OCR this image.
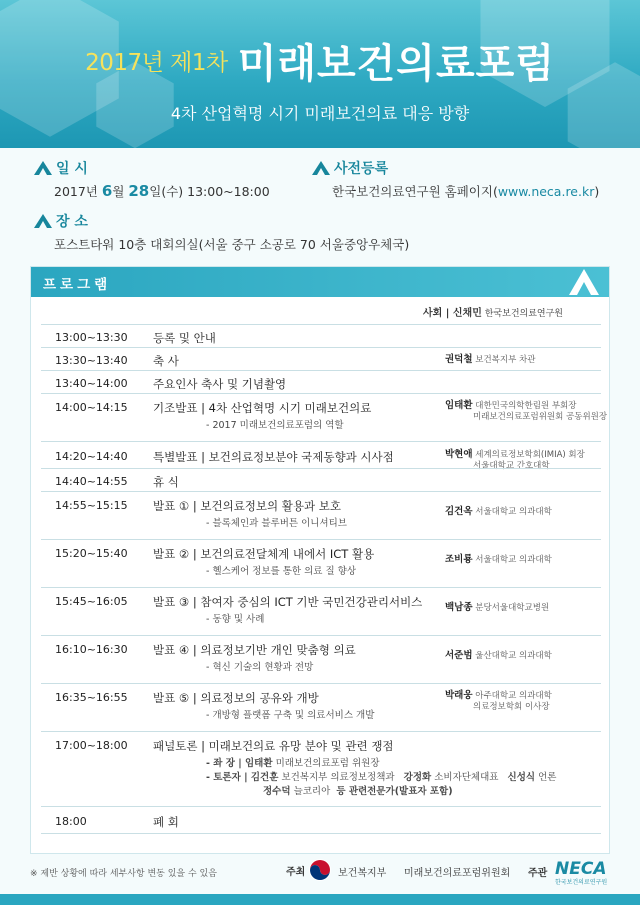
2017년 제1차 미래보건의료포럼
4차 산업혁명 시기 미래보건의료 대응 방향
일 시
2017년 6월 28일(수) 13:00~18:00
사전등록
한국보건의료연구원 홈페이지(www.neca.re.kr)
장 소
포스트타워 10층 대회의실(서울 중구 소공로 70 서울중앙우체국)
프로그램
사회 | 신채민 한국보건의료연구원
13:00~13:30 등록 및 안내
13:30~13:40 축 사	권덕철 보건복지부 차관
13:40~14:00 주요인사 축사 및 기념촬영
14:00~14:15 기조발표 | 4차 산업혁명 시기 미래보건의료
- 2017 미래보건의료포럼의 역할
임태환 대한민국의학한림원 부회장
미래보건의료포럼위원회 공동위원장
14:20~14:40 특별발표 | 보건의료정보분야 국제동향과 시사점	박현애 세계의료정보학회(IMIA) 회장
서울대학교 간호대학
14:40~14:55 휴 식
14:55~15:15 발표 ① | 보건의료정보의 활용과 보호
- 블록체인과 블루버튼 이니셔티브
김건옥 서울대학교 의과대학
15:20~15:40 발표 ② | 보건의료전달체계 내에서 ICT 활용
- 헬스케어 정보를 통한 의료 질 향상
조비룡 서울대학교 의과대학
15:45~16:05 발표 ③ | 참여자 중심의 ICT 기반 국민건강관리서비스
- 동향 및 사례
백남종 분당서울대학교병원
16:10~16:30 발표 ④ | 의료정보기반 개인 맞춤형 의료
- 혁신 기술의 현황과 전망
서준범 울산대학교 의과대학
16:35~16:55 발표 ⑤ | 의료정보의 공유와 개방
- 개방형 플랫폼 구축 및 의료서비스 개발
박래웅 아주대학교 의과대학
의료정보학회 이사장
17:00~18:00 패널토론 | 미래보건의료 유망 분야 및 관련 쟁점
- 좌 장 | 임태환 미래보건의료포럼 위원장
- 토론자 | 김건훈 보건복지부 의료정보정책과 강정화 소비자단체대표 신성식 언론
정수덕 늘코리아 등 관련전문가(발표자 포함)
18:00	폐 회
※ 제반 상황에 따라 세부사항 변동 있을 수 있음	주최	보건복지부 미래보건의료포럼위원회 주관 NECA
한국보건의료연구원
